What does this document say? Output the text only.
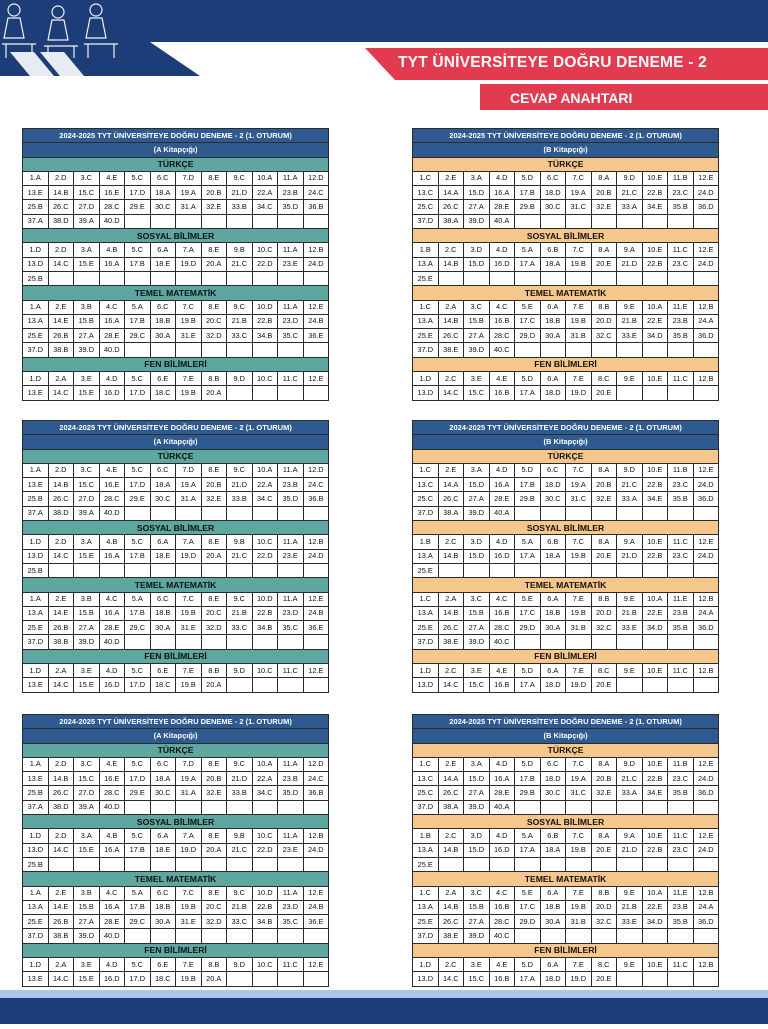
TYT ÜNİVERSİTEYE DOĞRU DENEME - 2
CEVAP ANAHTARI
2024-2025 TYT ÜNİVERSİTEYE DOĞRU DENEME - 2 (1. OTURUM)											
(A Kitapçığı)											
TÜRKÇE											
1.A	2.D	3.C	4.E	5.C	6.C	7.D	8.E	9.C	10.A	11.A	12.D
13.E	14.B	15.C	16.E	17.D	18.A	19.A	20.B	21.D	22.A	23.B	24.C
25.B	26.C	27.D	28.C	29.E	30.C	31.A	32.E	33.B	34.C	35.D	36.B
37.A	38.D	39.A	40.D								
SOSYAL BİLİMLER											
1.D	2.D	3.A	4.B	5.C	6.A	7.A	8.E	9.B	10.C	11.A	12.B
13.D	14.C	15.E	16.A	17.B	18.E	19.D	20.A	21.C	22.D	23.E	24.D
25.B											
TEMEL MATEMATİK											
1.A	2.E	3.B	4.C	5.A	6.C	7.C	8.E	9.C	10.D	11.A	12.E
13.A	14.E	15.B	16.A	17.B	18.B	19.B	20.C	21.B	22.B	23.D	24.B
25.E	26.B	27.A	28.E	29.C	30.A	31.E	32.D	33.C	34.B	35.C	36.E
37.D	38.B	39.D	40.D								
FEN BİLİMLERİ											
1.D	2.A	3.E	4.D	5.C	6.E	7.E	8.B	9.D	10.C	11.C	12.E
13.E	14.C	15.E	16.D	17.D	18.C	19.B	20.A				
2024-2025 TYT ÜNİVERSİTEYE DOĞRU DENEME - 2 (1. OTURUM)											
(B Kitapçığı)											
TÜRKÇE											
1.C	2.E	3.A	4.D	5.D	6.C	7.C	8.A	9.D	10.E	11.B	12.E
13.C	14.A	15.D	16.A	17.B	18.D	19.A	20.B	21.C	22.B	23.C	24.D
25.C	26.C	27.A	28.E	29.B	30.C	31.C	32.E	33.A	34.E	35.B	36.D
37.D	38.A	39.D	40.A								
SOSYAL BİLİMLER											
1.B	2.C	3.D	4.D	5.A	6.B	7.C	8.A	9.A	10.E	11.C	12.E
13.A	14.B	15.D	16.D	17.A	18.A	19.B	20.E	21.D	22.B	23.C	24.D
25.E											
TEMEL MATEMATİK											
1.C	2.A	3.C	4.C	5.E	6.A	7.E	8.B	9.E	10.A	11.E	12.B
13.A	14.B	15.B	16.B	17.C	18.B	19.B	20.D	21.B	22.E	23.B	24.A
25.E	26.C	27.A	28.C	29.D	30.A	31.B	32.C	33.E	34.D	35.B	36.D
37.D	38.E	39.D	40.C								
FEN BİLİMLERİ											
1.D	2.C	3.E	4.E	5.D	6.A	7.E	8.C	9.E	10.E	11.C	12.B
13.D	14.C	15.C	16.B	17.A	18.D	19.D	20.E				
2024-2025 TYT ÜNİVERSİTEYE DOĞRU DENEME - 2 (1. OTURUM)											
(A Kitapçığı)											
TÜRKÇE											
1.A	2.D	3.C	4.E	5.C	6.C	7.D	8.E	9.C	10.A	11.A	12.D
13.E	14.B	15.C	16.E	17.D	18.A	19.A	20.B	21.D	22.A	23.B	24.C
25.B	26.C	27.D	28.C	29.E	30.C	31.A	32.E	33.B	34.C	35.D	36.B
37.A	38.D	39.A	40.D								
SOSYAL BİLİMLER											
1.D	2.D	3.A	4.B	5.C	6.A	7.A	8.E	9.B	10.C	11.A	12.B
13.D	14.C	15.E	16.A	17.B	18.E	19.D	20.A	21.C	22.D	23.E	24.D
25.B											
TEMEL MATEMATİK											
1.A	2.E	3.B	4.C	5.A	6.C	7.C	8.E	9.C	10.D	11.A	12.E
13.A	14.E	15.B	16.A	17.B	18.B	19.B	20.C	21.B	22.B	23.D	24.B
25.E	26.B	27.A	28.E	29.C	30.A	31.E	32.D	33.C	34.B	35.C	36.E
37.D	38.B	39.D	40.D								
FEN BİLİMLERİ											
1.D	2.A	3.E	4.D	5.C	6.E	7.E	8.B	9.D	10.C	11.C	12.E
13.E	14.C	15.E	16.D	17.D	18.C	19.B	20.A				
2024-2025 TYT ÜNİVERSİTEYE DOĞRU DENEME - 2 (1. OTURUM)											
(B Kitapçığı)											
TÜRKÇE											
1.C	2.E	3.A	4.D	5.D	6.C	7.C	8.A	9.D	10.E	11.B	12.E
13.C	14.A	15.D	16.A	17.B	18.D	19.A	20.B	21.C	22.B	23.C	24.D
25.C	26.C	27.A	28.E	29.B	30.C	31.C	32.E	33.A	34.E	35.B	36.D
37.D	38.A	39.D	40.A								
SOSYAL BİLİMLER											
1.B	2.C	3.D	4.D	5.A	6.B	7.C	8.A	9.A	10.E	11.C	12.E
13.A	14.B	15.D	16.D	17.A	18.A	19.B	20.E	21.D	22.B	23.C	24.D
25.E											
TEMEL MATEMATİK											
1.C	2.A	3.C	4.C	5.E	6.A	7.E	8.B	9.E	10.A	11.E	12.B
13.A	14.B	15.B	16.B	17.C	18.B	19.B	20.D	21.B	22.E	23.B	24.A
25.E	26.C	27.A	28.C	29.D	30.A	31.B	32.C	33.E	34.D	35.B	36.D
37.D	38.E	39.D	40.C								
FEN BİLİMLERİ											
1.D	2.C	3.E	4.E	5.D	6.A	7.E	8.C	9.E	10.E	11.C	12.B
13.D	14.C	15.C	16.B	17.A	18.D	19.D	20.E				
2024-2025 TYT ÜNİVERSİTEYE DOĞRU DENEME - 2 (1. OTURUM)											
(A Kitapçığı)											
TÜRKÇE											
1.A	2.D	3.C	4.E	5.C	6.C	7.D	8.E	9.C	10.A	11.A	12.D
13.E	14.B	15.C	16.E	17.D	18.A	19.A	20.B	21.D	22.A	23.B	24.C
25.B	26.C	27.D	28.C	29.E	30.C	31.A	32.E	33.B	34.C	35.D	36.B
37.A	38.D	39.A	40.D								
SOSYAL BİLİMLER											
1.D	2.D	3.A	4.B	5.C	6.A	7.A	8.E	9.B	10.C	11.A	12.B
13.D	14.C	15.E	16.A	17.B	18.E	19.D	20.A	21.C	22.D	23.E	24.D
25.B											
TEMEL MATEMATİK											
1.A	2.E	3.B	4.C	5.A	6.C	7.C	8.E	9.C	10.D	11.A	12.E
13.A	14.E	15.B	16.A	17.B	18.B	19.B	20.C	21.B	22.B	23.D	24.B
25.E	26.B	27.A	28.E	29.C	30.A	31.E	32.D	33.C	34.B	35.C	36.E
37.D	38.B	39.D	40.D								
FEN BİLİMLERİ											
1.D	2.A	3.E	4.D	5.C	6.E	7.E	8.B	9.D	10.C	11.C	12.E
13.E	14.C	15.E	16.D	17.D	18.C	19.B	20.A				
2024-2025 TYT ÜNİVERSİTEYE DOĞRU DENEME - 2 (1. OTURUM)											
(B Kitapçığı)											
TÜRKÇE											
1.C	2.E	3.A	4.D	5.D	6.C	7.C	8.A	9.D	10.E	11.B	12.E
13.C	14.A	15.D	16.A	17.B	18.D	19.A	20.B	21.C	22.B	23.C	24.D
25.C	26.C	27.A	28.E	29.B	30.C	31.C	32.E	33.A	34.E	35.B	36.D
37.D	38.A	39.D	40.A								
SOSYAL BİLİMLER											
1.B	2.C	3.D	4.D	5.A	6.B	7.C	8.A	9.A	10.E	11.C	12.E
13.A	14.B	15.D	16.D	17.A	18.A	19.B	20.E	21.D	22.B	23.C	24.D
25.E											
TEMEL MATEMATİK											
1.C	2.A	3.C	4.C	5.E	6.A	7.E	8.B	9.E	10.A	11.E	12.B
13.A	14.B	15.B	16.B	17.C	18.B	19.B	20.D	21.B	22.E	23.B	24.A
25.E	26.C	27.A	28.C	29.D	30.A	31.B	32.C	33.E	34.D	35.B	36.D
37.D	38.E	39.D	40.C								
FEN BİLİMLERİ											
1.D	2.C	3.E	4.E	5.D	6.A	7.E	8.C	9.E	10.E	11.C	12.B
13.D	14.C	15.C	16.B	17.A	18.D	19.D	20.E				
